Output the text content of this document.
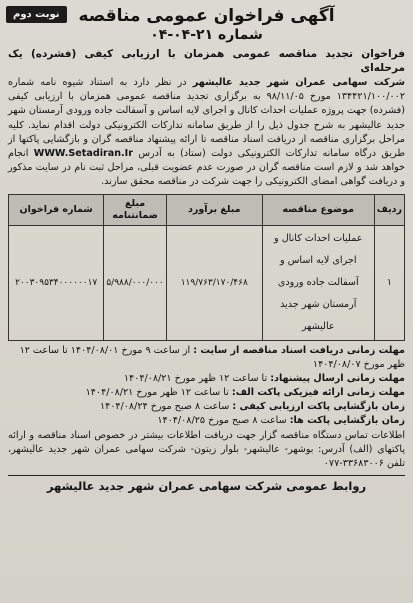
نوبت دوم	آگهی فراخوان عمومی مناقصه
شماره ۲۱-۰۴-۰۴
فراخوان تجدید مناقصه عمومی همزمان با ارزیابی کیفی (فشرده) یک مرحله‌ای
شرکت سهامی عمران شهر جدید عالیشهر در نظر دارد به استناد شیوه نامه شماره ۱۳۴۴۲۱/۱۰۰/۰۰۲ مورخ ۹۸/۱۱/۰۵ به برگزاری تجدید مناقصه عمومی همزمان با ارزیابی کیفی (فشرده) جهت پروژه عملیات احداث کانال و اجرای لایه اساس و آسفالت جاده ورودی آرمستان شهر جدید عالیشهر به شرح جدول ذیل را از طریق سامانه تدارکات الکترونیکی دولت اقدام نماید. کلیه مراحل برگزاری مناقصه از دریافت اسناد مناقصه تا ارائه پیشنهاد مناقصه گران و بازگشایی پاکتها از طریق درگاه سامانه تدارکات الکترونیکی دولت (ستاد) به آدرس WWW.Setadiran.Ir انجام خواهد شد و لازم است مناقصه گران در صورت عدم عضویت قبلی، مراحل ثبت نام در سایت مذکور و دریافت گواهی امضای الکترونیکی را جهت شرکت در مناقصه محقق سازند.
ردیف	موضوع مناقصه	مبلغ برآورد	مبلغ ضمانتنامه	شماره فراخوان
۱	عملیات احداث کانال و اجرای لایه اساس و آسفالت جاده ورودی آرمستان شهر جدید عالیشهر	۱۱۹/۷۶۳/۱۷۰/۴۶۸	۵/۹۸۸/۰۰۰/۰۰۰	۲۰۰۳۰۹۵۳۴۰۰۰۰۰۰۱۷
مهلت زمانی دریافت اسناد مناقصه از سایت : از ساعت ۹ مورخ ۱۴۰۴/۰۸/۰۱ تا ساعت ۱۲ ظهر مورخ ۱۴۰۴/۰۸/۰۷
مهلت زمانی ارسال پیشنهاد: تا ساعت ۱۲ ظهر مورخ ۱۴۰۴/۰۸/۲۱
مهلت زمانی ارائه فیزیکی پاکت الف: تا ساعت ۱۲ ظهر مورخ ۱۴۰۴/۰۸/۲۱
زمان بازگشایی پاکت ارزیابی کیفی : ساعت ۸ صبح مورخ ۱۴۰۴/۰۸/۲۴
زمان بازگشایی پاکت ها: ساعت ۸ صبح مورخ ۱۴۰۴/۰۸/۲۵
اطلاعات تماس دستگاه مناقصه گزار جهت دریافت اطلاعات بیشتر در خصوص اسناد مناقصه و ارائه پاکتهای (الف) آدرس: بوشهر- عالیشهر- بلوار زیتون- شرکت سهامی عمران شهر جدید عالیشهر، تلفن ۳۳۶۸۳۰۰۶-۰۷۷
روابط عمومی شرکت سهامی عمران شهر جدید عالیشهر
